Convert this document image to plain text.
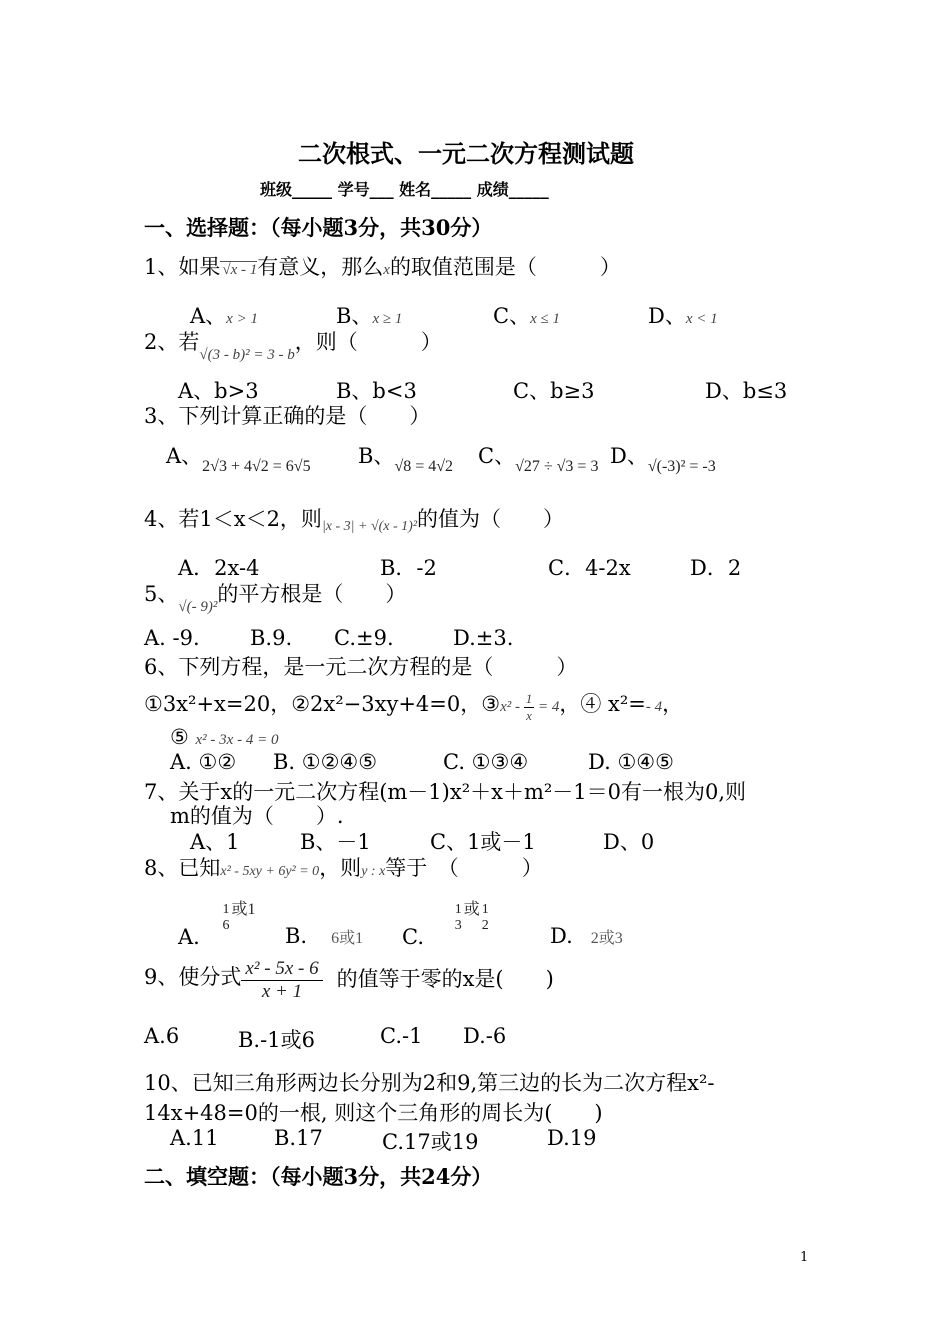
二次根式、一元二次方程测试题
班级_____ 学号___ 姓名_____ 成绩_____
一、选择题：（每小题3分，共30分）
1、如果 √x - 1有意义，那么x的取值范围是（　　　）
A、x > 1	B、x ≥ 1	C、x ≤ 1	D、x < 1
2、若$_{√(3 - b)^2 = 3 - b}$，则（　　　）
A、b>3	B、b<3	C、b≥3	D、b≤3
3、下列计算正确的是（　　）
A、$_{2√3 + 4√2 = 6√5}$ B、$_{√8 = 4√2}$ C、$_{√27 \div √3 = 3}$ D、$_{√(-3)^2 = -3}$
4、若1＜x＜2，则|x - 3| + √(x - 1)²的值为（　　）
A．2x-4	B．-2	C．4-2x	D．2
5、$_{√(- 9)^2}$的平方根是（　　）
A. -9. B.9. C.±9.	D.±3.
6、下列方程，是一元二次方程的是（　　　）
①3x²+x=20，②2x²−3xy+4=0，③x² - $\frac{1}{x} = 4$，④ x²=- 4，
⑤ x² - 3x - 4 = 0
A. ①② B. ①②④⑤	C. ①③④	D. ①④⑤
7、关于x的一元二次方程(m－1)x²＋x＋m²－1＝0有一根为0,则
m的值为（　　）.
A、1	B、－1	C、1或－1	D、0
8、已知x² - 5xy + 6y² = 0，则y : x等于　（　　　）
A.
1
6
或1
B. 6或1 C.
1
3
或 1
2	D. 2或3
9、使分式 $\frac{\text{x² - 5x - 6}}{x + 1}$ 的值等于零的x是(　　)
A.6	B.-1或6	C.-1 D.-6
10、已知三角形两边长分别为2和9,第三边的长为二次方程x²-
14x+48=0的一根, 则这个三角形的周长为(　　)
A.11	B.17	C.17或19	D.19
二、填空题：（每小题3分，共24分）
1
